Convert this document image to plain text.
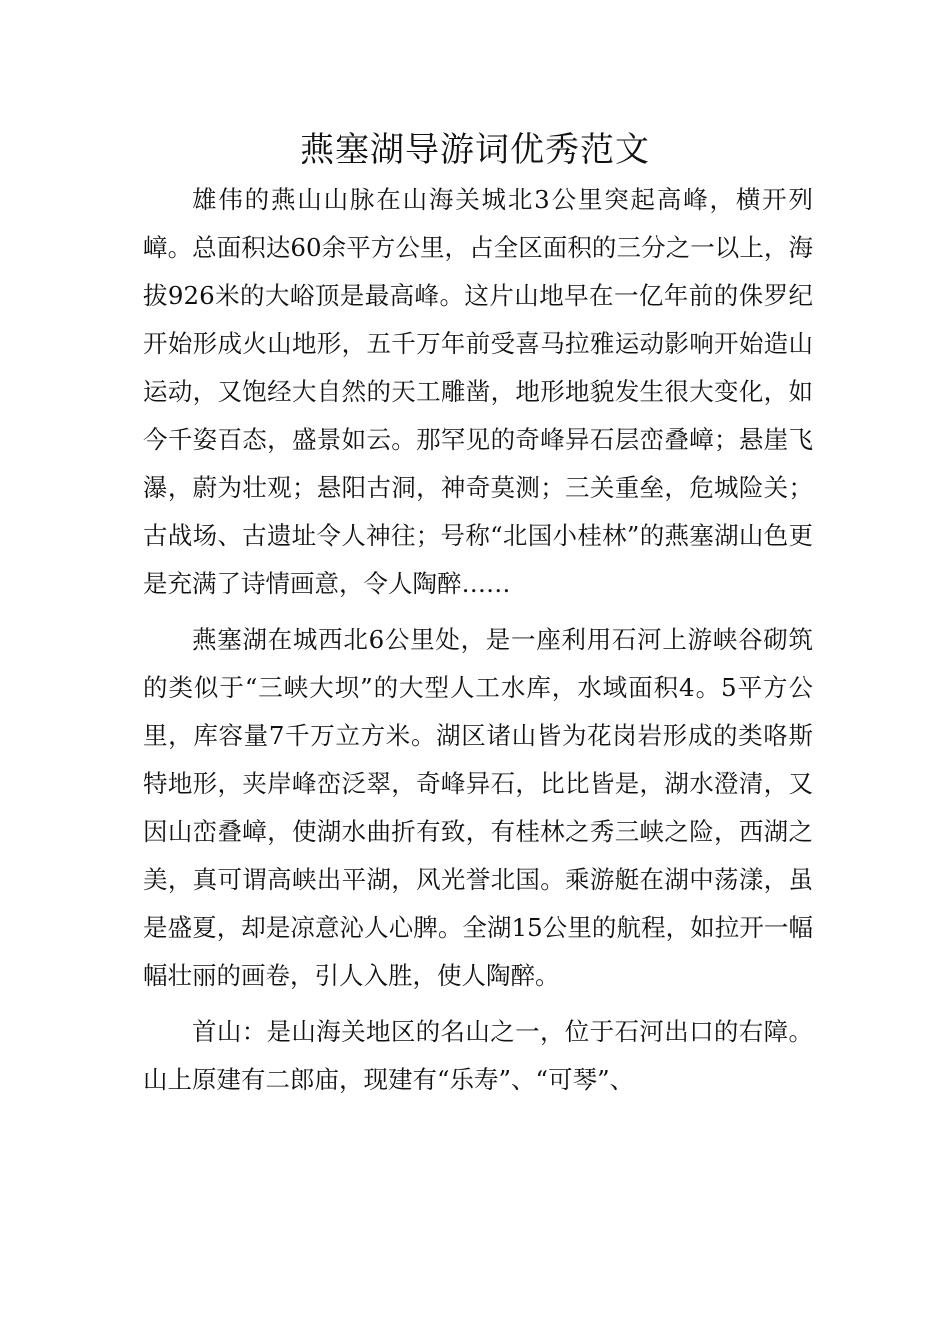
燕塞湖导游词优秀范文

雄伟的燕山山脉在山海关城北3公里突起高峰，横开列嶂。总面积达60余平方公里，占全区面积的三分之一以上，海拔926米的大峪顶是最高峰。这片山地早在一亿年前的侏罗纪开始形成火山地形，五千万年前受喜马拉雅运动影响开始造山运动，又饱经大自然的天工雕凿，地形地貌发生很大变化，如今千姿百态，盛景如云。那罕见的奇峰异石层峦叠嶂；悬崖飞瀑，蔚为壮观；悬阳古洞，神奇莫测；三关重垒，危城险关；古战场、古遗址令人神往；号称“北国小桂林”的燕塞湖山色更是充满了诗情画意，令人陶醉……

燕塞湖在城西北6公里处，是一座利用石河上游峡谷砌筑的类似于“三峡大坝”的大型人工水库，水域面积4。5平方公里，库容量7千万立方米。湖区诸山皆为花岗岩形成的类咯斯特地形，夹岸峰峦泛翠，奇峰异石，比比皆是，湖水澄清，又因山峦叠嶂，使湖水曲折有致，有桂林之秀三峡之险，西湖之美，真可谓高峡出平湖，风光誉北国。乘游艇在湖中荡漾，虽是盛夏，却是凉意沁人心脾。全湖15公里的航程，如拉开一幅幅壮丽的画卷，引人入胜，使人陶醉。

首山：是山海关地区的名山之一，位于石河出口的右障。山上原建有二郎庙，现建有“乐寿”、“可琴”、
